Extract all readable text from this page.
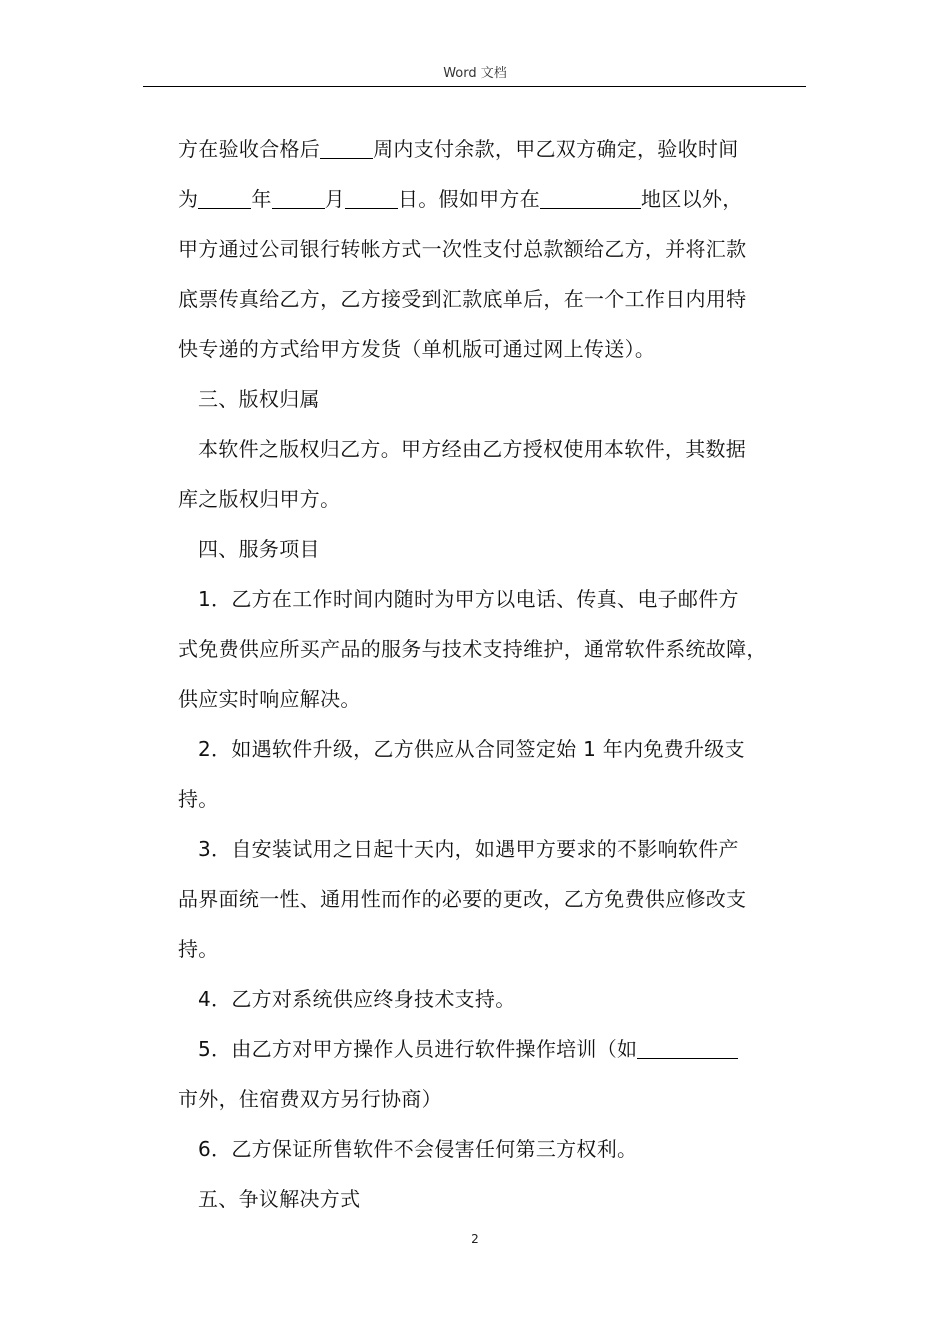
Word 文档
方在验收合格后	周内支付余款，甲乙双方确定，验收时间
为	年	月	日。假如甲方在	地区以外，
甲方通过公司银行转帐方式一次性支付总款额给乙方，并将汇款
底票传真给乙方，乙方接受到汇款底单后，在一个工作日内用特
快专递的方式给甲方发货（单机版可通过网上传送）。
三、版权归属
本软件之版权归乙方。甲方经由乙方授权使用本软件，其数据
库之版权归甲方。
四、服务项目
1．乙方在工作时间内随时为甲方以电话、传真、电子邮件方
式免费供应所买产品的服务与技术支持维护，通常软件系统故障，
供应实时响应解决。
2．如遇软件升级，乙方供应从合同签定始 1 年内免费升级支
持。
3．自安装试用之日起十天内，如遇甲方要求的不影响软件产
品界面统一性、通用性而作的必要的更改，乙方免费供应修改支
持。
4．乙方对系统供应终身技术支持。
5．由乙方对甲方操作人员进行软件操作培训（如
市外，住宿费双方另行协商）
6．乙方保证所售软件不会侵害任何第三方权利。
五、争议解决方式
2
